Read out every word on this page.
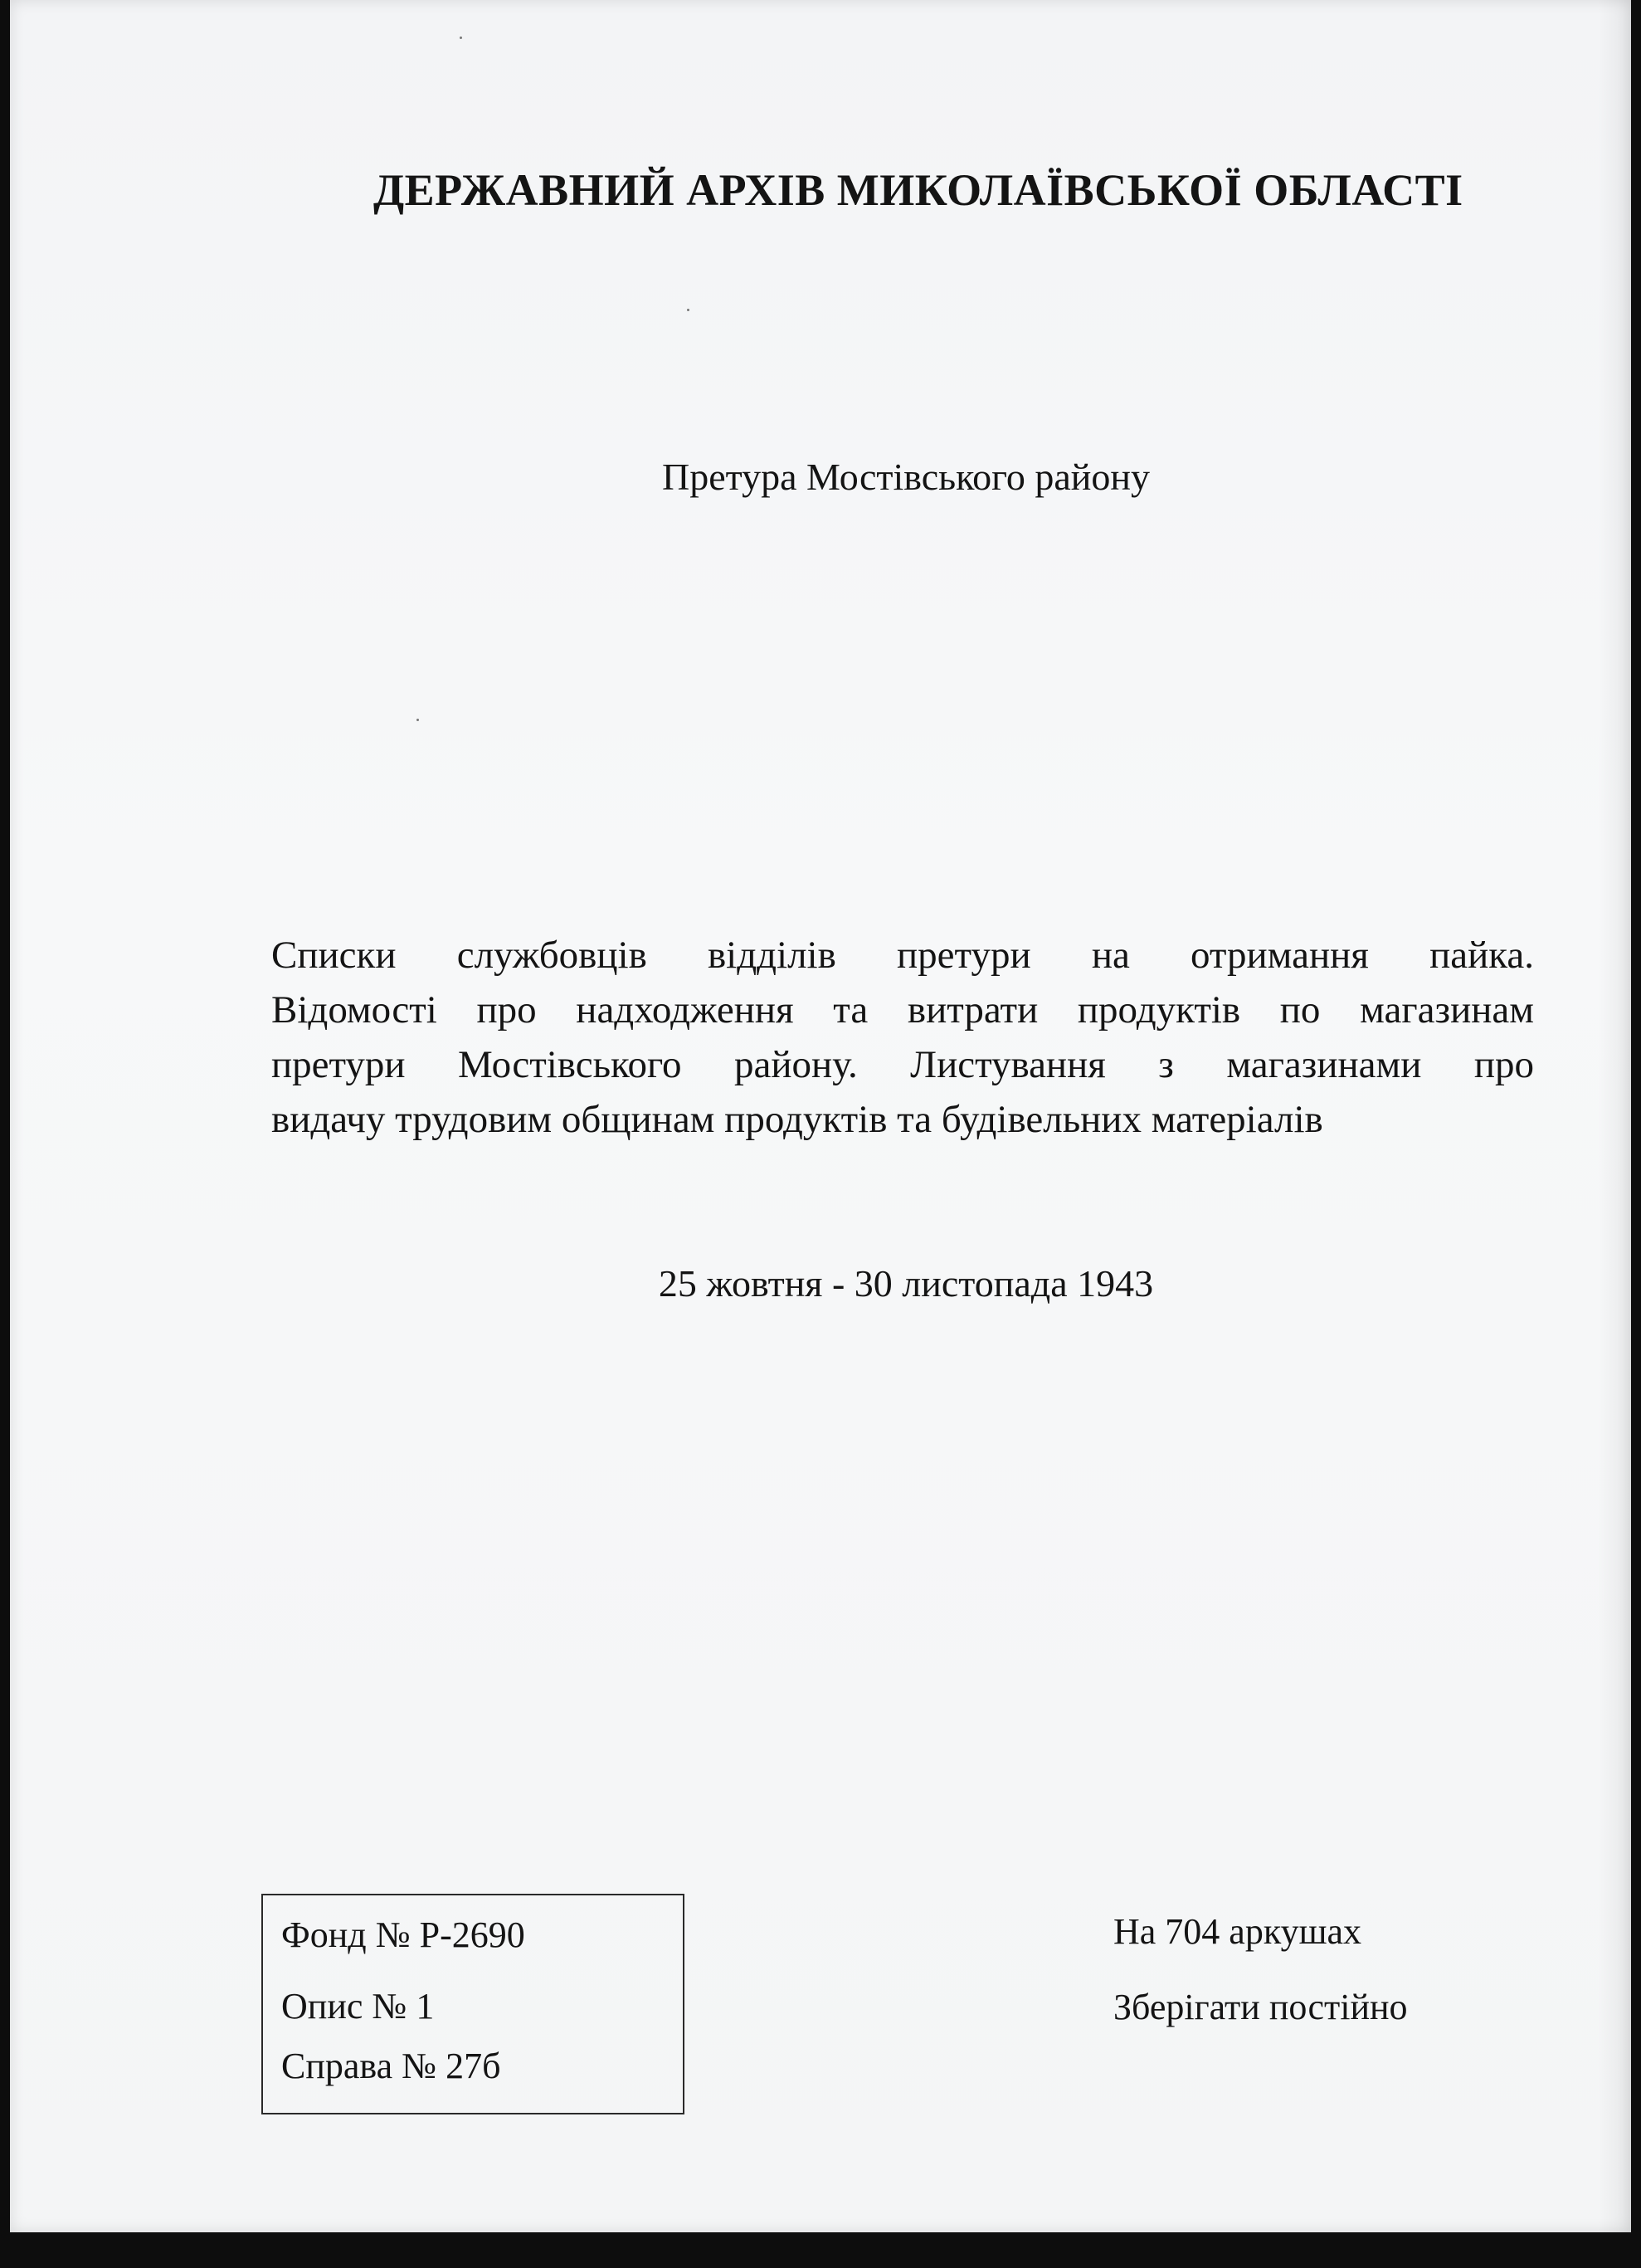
ДЕРЖАВНИЙ АРХІВ МИКОЛАЇВСЬКОЇ ОБЛАСТІ
Претура Мостівського району
Списки службовців відділів претури на отримання пайка.
Відомості про надходження та витрати продуктів по магазинам
претури Мостівського району. Листування з магазинами про
видачу трудовим общинам продуктів та будівельних матеріалів
25 жовтня - 30 листопада 1943
Фонд № Р-2690
Опис № 1
Справа № 27б
На 704 аркушах
Зберігати постійно
